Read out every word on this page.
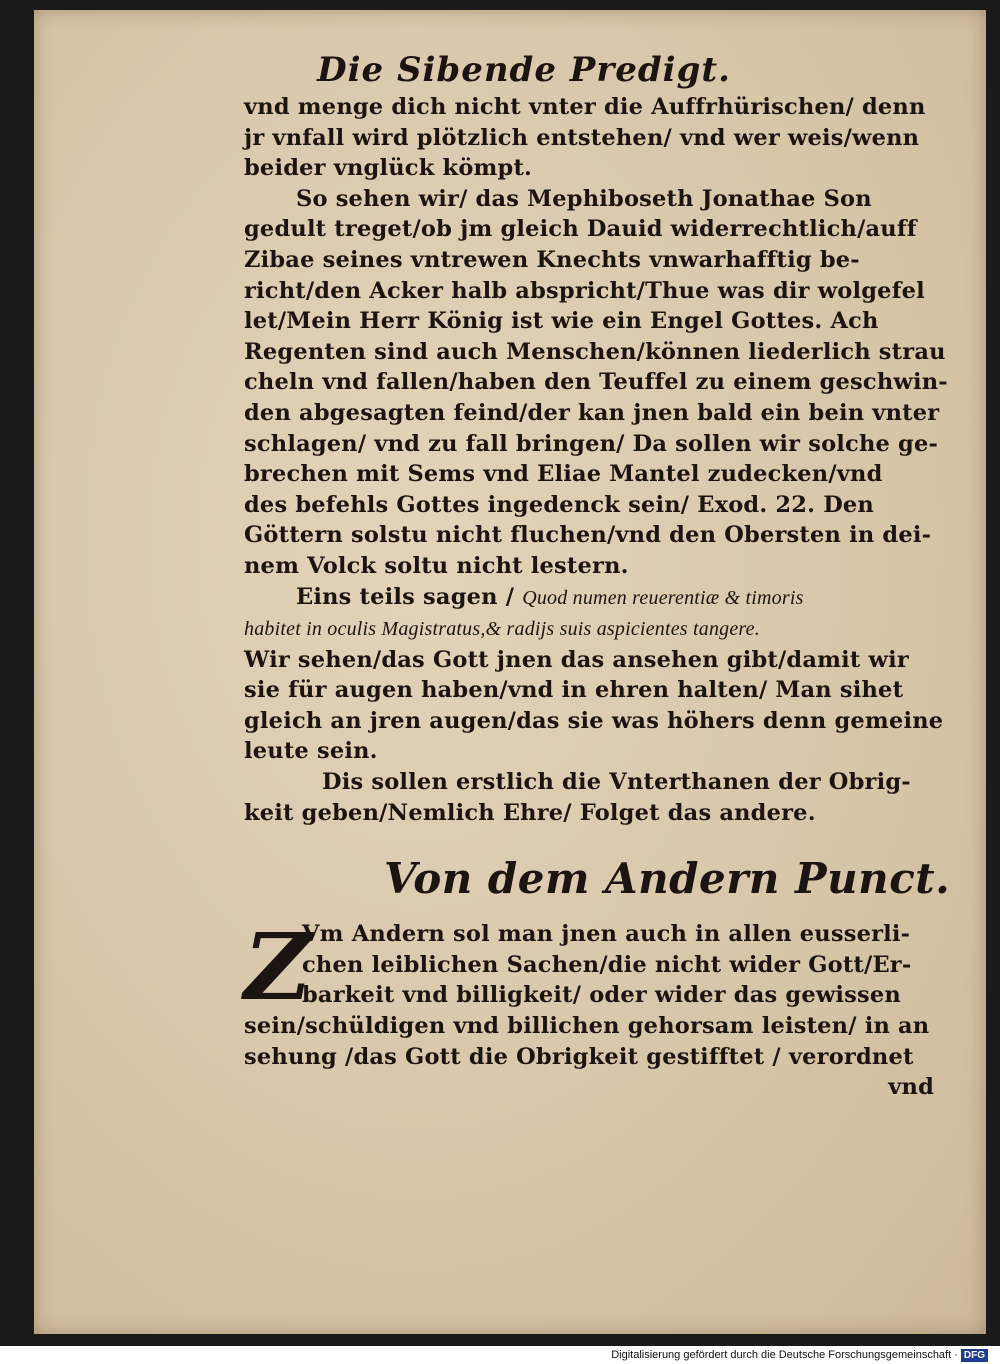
Die Sibende Predigt.
vnd menge dich nicht vnter die Auffrhürischen/ denn
jr vnfall wird plötzlich entstehen/ vnd wer weis/wenn
beider vnglück kömpt.
So sehen wir/ das Mephiboseth Jonathae Son
gedult treget/ob jm gleich Dauid widerrechtlich/auff
Zibae seines vntrewen Knechts vnwarhafftig be-
richt/den Acker halb abspricht/Thue was dir wolgefel
let/Mein Herr König ist wie ein Engel Gottes. Ach
Regenten sind auch Menschen/können liederlich strau
cheln vnd fallen/haben den Teuffel zu einem geschwin-
den abgesagten feind/der kan jnen bald ein bein vnter
schlagen/ vnd zu fall bringen/ Da sollen wir solche ge-
brechen mit Sems vnd Eliae Mantel zudecken/vnd
des befehls Gottes ingedenck sein/ Exod. 22. Den
Göttern solstu nicht fluchen/vnd den Obersten in dei-
nem Volck soltu nicht lestern.
Eins teils sagen / Quod numen reuerentiæ & timoris
habitet in oculis Magistratus,& radijs suis aspicientes tangere.
Wir sehen/das Gott jnen das ansehen gibt/damit wir
sie für augen haben/vnd in ehren halten/ Man sihet
gleich an jren augen/das sie was höhers denn gemeine
leute sein.
Dis sollen erstlich die Vnterthanen der Obrig-
keit geben/Nemlich Ehre/ Folget das andere.
Von dem Andern Punct.
Z
Vm Andern sol man jnen auch in allen eusserli-
chen leiblichen Sachen/die nicht wider Gott/Er-
barkeit vnd billigkeit/ oder wider das gewissen
sein/schüldigen vnd billichen gehorsam leisten/ in an
sehung /das Gott die Obrigkeit gestifftet / verordnet
vnd
Digitalisierung gefördert durch die Deutsche Forschungsgemeinschaft · DFG
